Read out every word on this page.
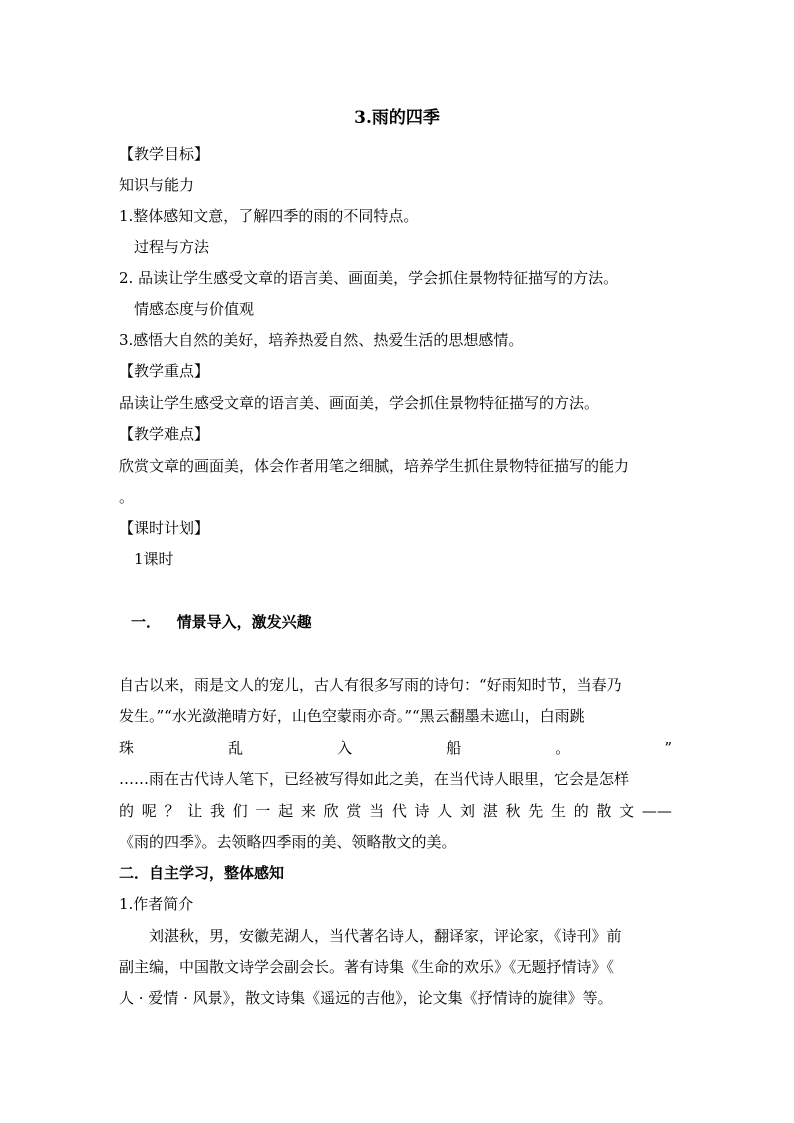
3.雨的四季
【教学目标】
知识与能力
1.整体感知文意，了解四季的雨的不同特点。
过程与方法
2. 品读让学生感受文章的语言美、画面美，学会抓住景物特征描写的方法。
情感态度与价值观
3.感悟大自然的美好，培养热爱自然、热爱生活的思想感情。
【教学重点】
品读让学生感受文章的语言美、画面美，学会抓住景物特征描写的方法。
【教学难点】
欣赏文章的画面美，体会作者用笔之细腻，培养学生抓住景物特征描写的能力
。
【课时计划】
1课时
一．   情景导入，激发兴趣
自古以来，雨是文人的宠儿，古人有很多写雨的诗句：“好雨知时节，当春乃
发生。”“水光潋滟晴方好，山色空蒙雨亦奇。”“黑云翻墨未遮山，白雨跳
珠	乱	入	船	。	”
……雨在古代诗人笔下，已经被写得如此之美，在当代诗人眼里，它会是怎样
的 呢 ？ 让 我 们 一 起 来 欣 赏 当 代 诗 人 刘 湛 秋 先 生 的 散 文 ——
《雨的四季》。去领略四季雨的美、领略散文的美。
二．自主学习，整体感知
1.作者简介
刘湛秋，男，安徽芜湖人，当代著名诗人，翻译家，评论家，《诗刊》前
副主编，中国散文诗学会副会长。著有诗集《生命的欢乐》《无题抒情诗》《
人 · 爱情 · 风景》，散文诗集《遥远的吉他》，论文集《抒情诗的旋律》等。
